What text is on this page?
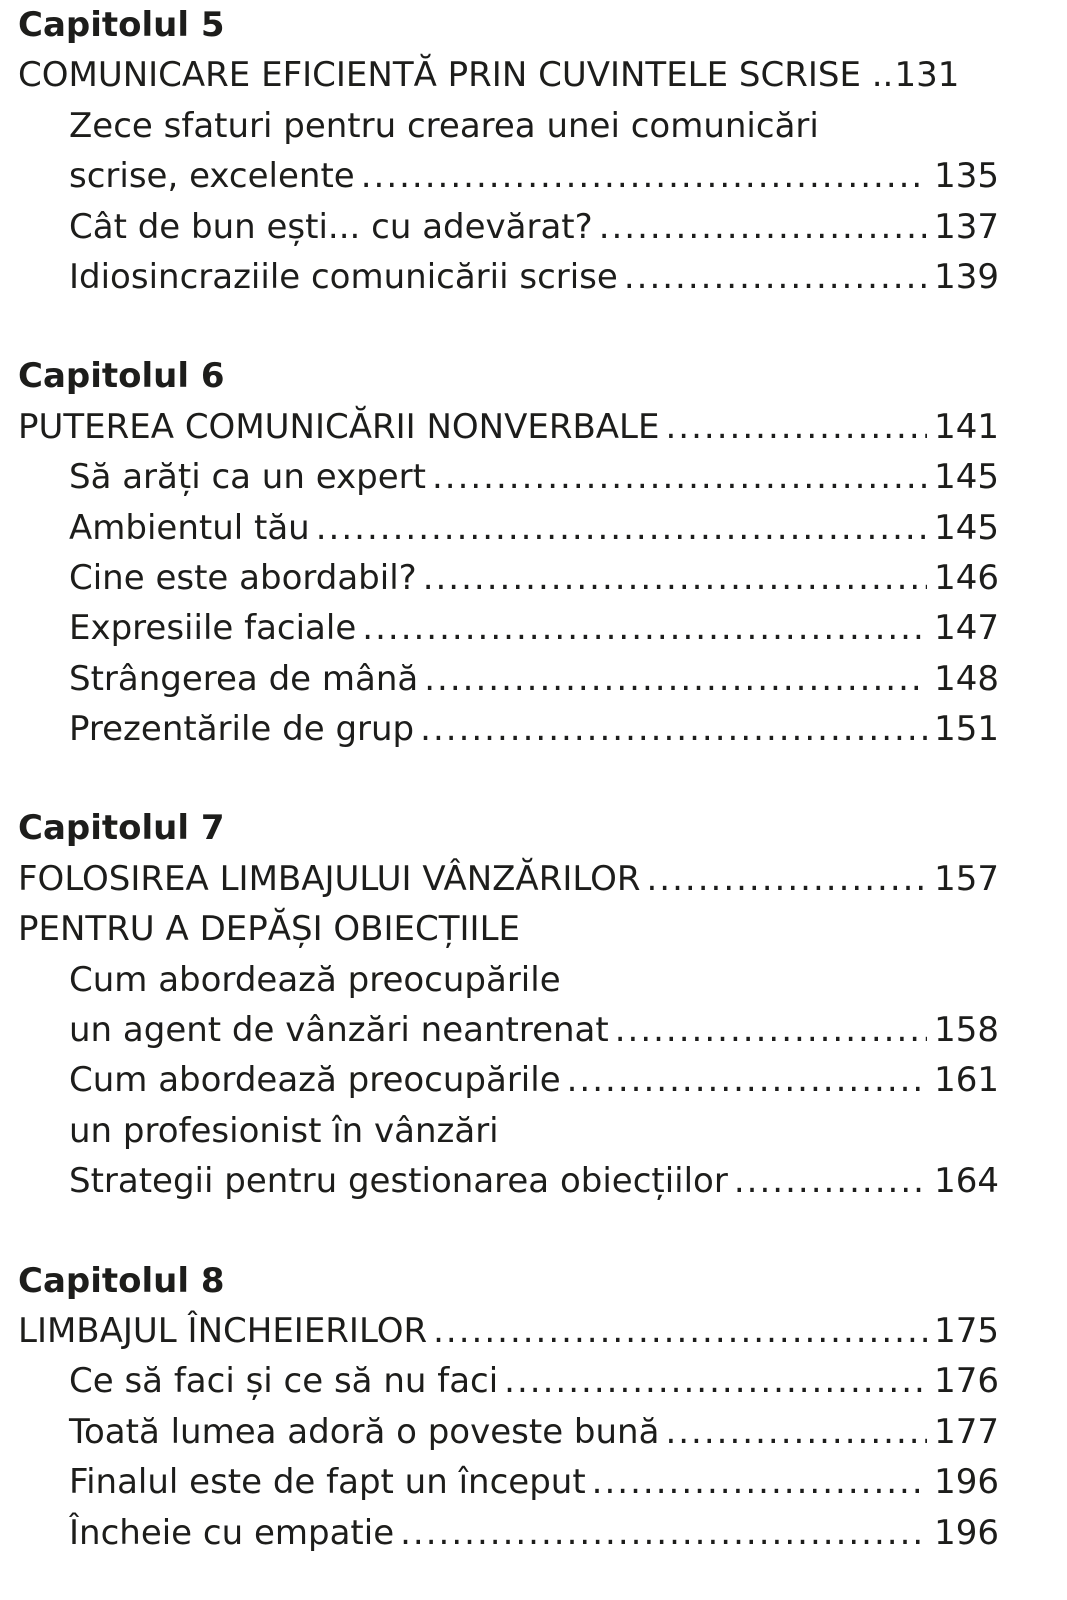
Capitolul 5
COMUNICARE EFICIENTĂ PRIN CUVINTELE SCRISE .. 131
Zece sfaturi pentru crearea unei comunicări
scrise, excelente .....	135
Cât de bun ești... cu adevărat? .....	137
Idiosincraziile comunicării scrise .....	139
Capitolul 6
PUTEREA COMUNICĂRII NONVERBALE .....	141
Să arăți ca un expert .....	145
Ambientul tău .....	145
Cine este abordabil? .....	146
Expresiile faciale .....	147
Strângerea de mână .....	148
Prezentările de grup .....	151
Capitolul 7
FOLOSIREA LIMBAJULUI VÂNZĂRILOR .....	157
PENTRU A DEPĂȘI OBIECȚIILE
Cum abordează preocupările
un agent de vânzări neantrenat .....	158
Cum abordează preocupările .....	161
un profesionist în vânzări
Strategii pentru gestionarea obiecțiilor .....	164
Capitolul 8
LIMBAJUL ÎNCHEIERILOR .....	175
Ce să faci și ce să nu faci .....	176
Toată lumea adoră o poveste bună .....	177
Finalul este de fapt un început .....	196
Încheie cu empatie .....	196
